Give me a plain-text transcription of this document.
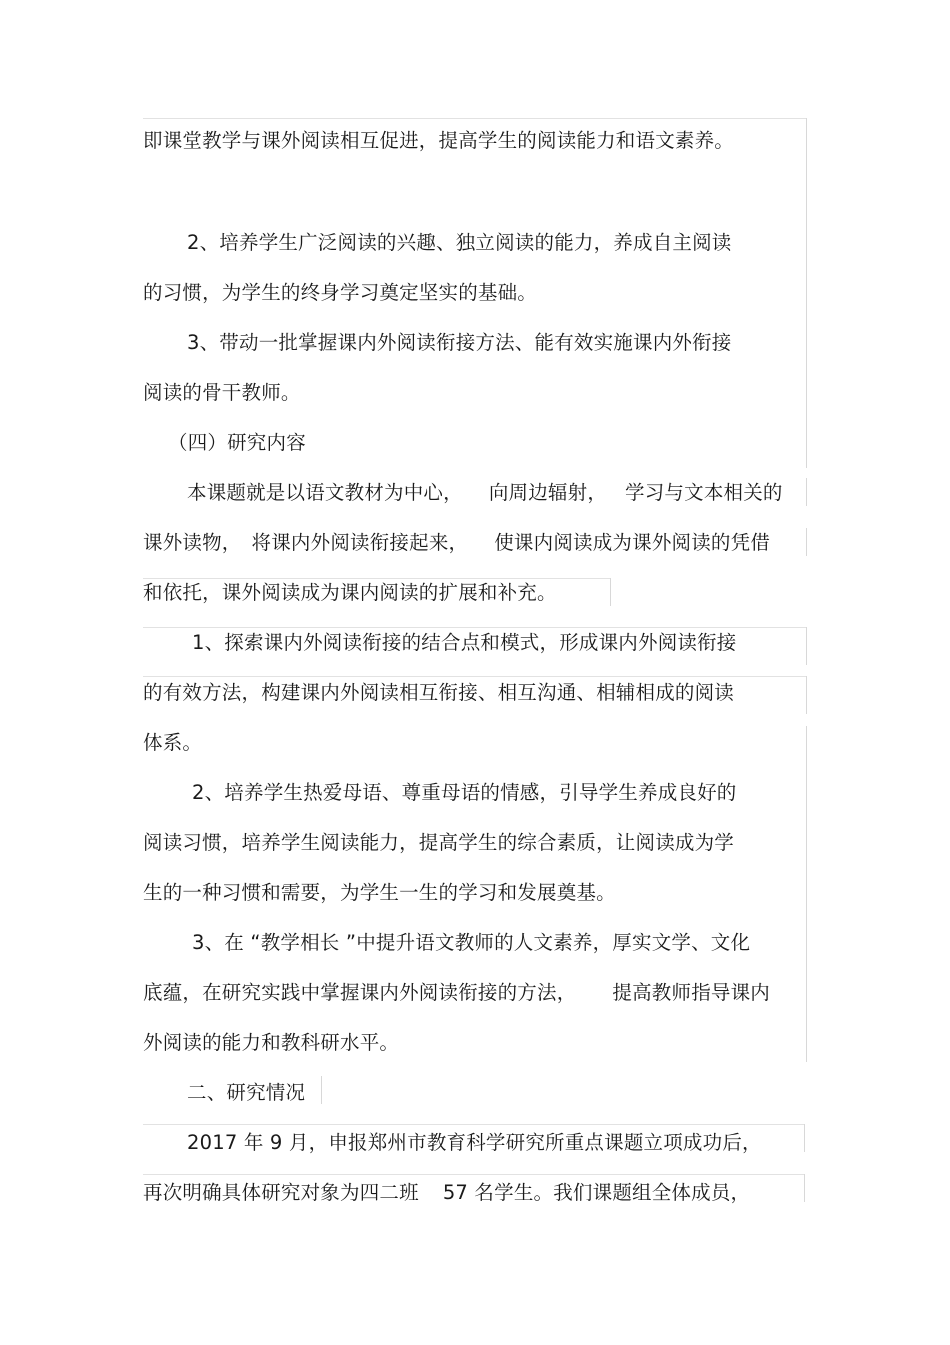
即课堂教学与课外阅读相互促进，提高学生的阅读能力和语文素养。
2、培养学生广泛阅读的兴趣、独立阅读的能力，养成自主阅读
的习惯，为学生的终身学习奠定坚实的基础。
3、带动一批掌握课内外阅读衔接方法、能有效实施课内外衔接
阅读的骨干教师。
（四）研究内容
本课题就是以语文教材为中心， 向周边辐射， 学习与文本相关的
课外读物， 将课内外阅读衔接起来， 使课内阅读成为课外阅读的凭借
和依托，课外阅读成为课内阅读的扩展和补充。
1、探索课内外阅读衔接的结合点和模式，形成课内外阅读衔接
的有效方法，构建课内外阅读相互衔接、相互沟通、相辅相成的阅读
体系。
2、培养学生热爱母语、尊重母语的情感，引导学生养成良好的
阅读习惯，培养学生阅读能力，提高学生的综合素质，让阅读成为学
生的一种习惯和需要，为学生一生的学习和发展奠基。
3、在 “教学相长 ”中提升语文教师的人文素养，厚实文学、文化
底蕴，在研究实践中掌握课内外阅读衔接的方法， 提高教师指导课内
外阅读的能力和教科研水平。
二、研究情况
2017 年 9 月，申报郑州市教育科学研究所重点课题立项成功后，
再次明确具体研究对象为四二班 57 名学生。我们课题组全体成员，
